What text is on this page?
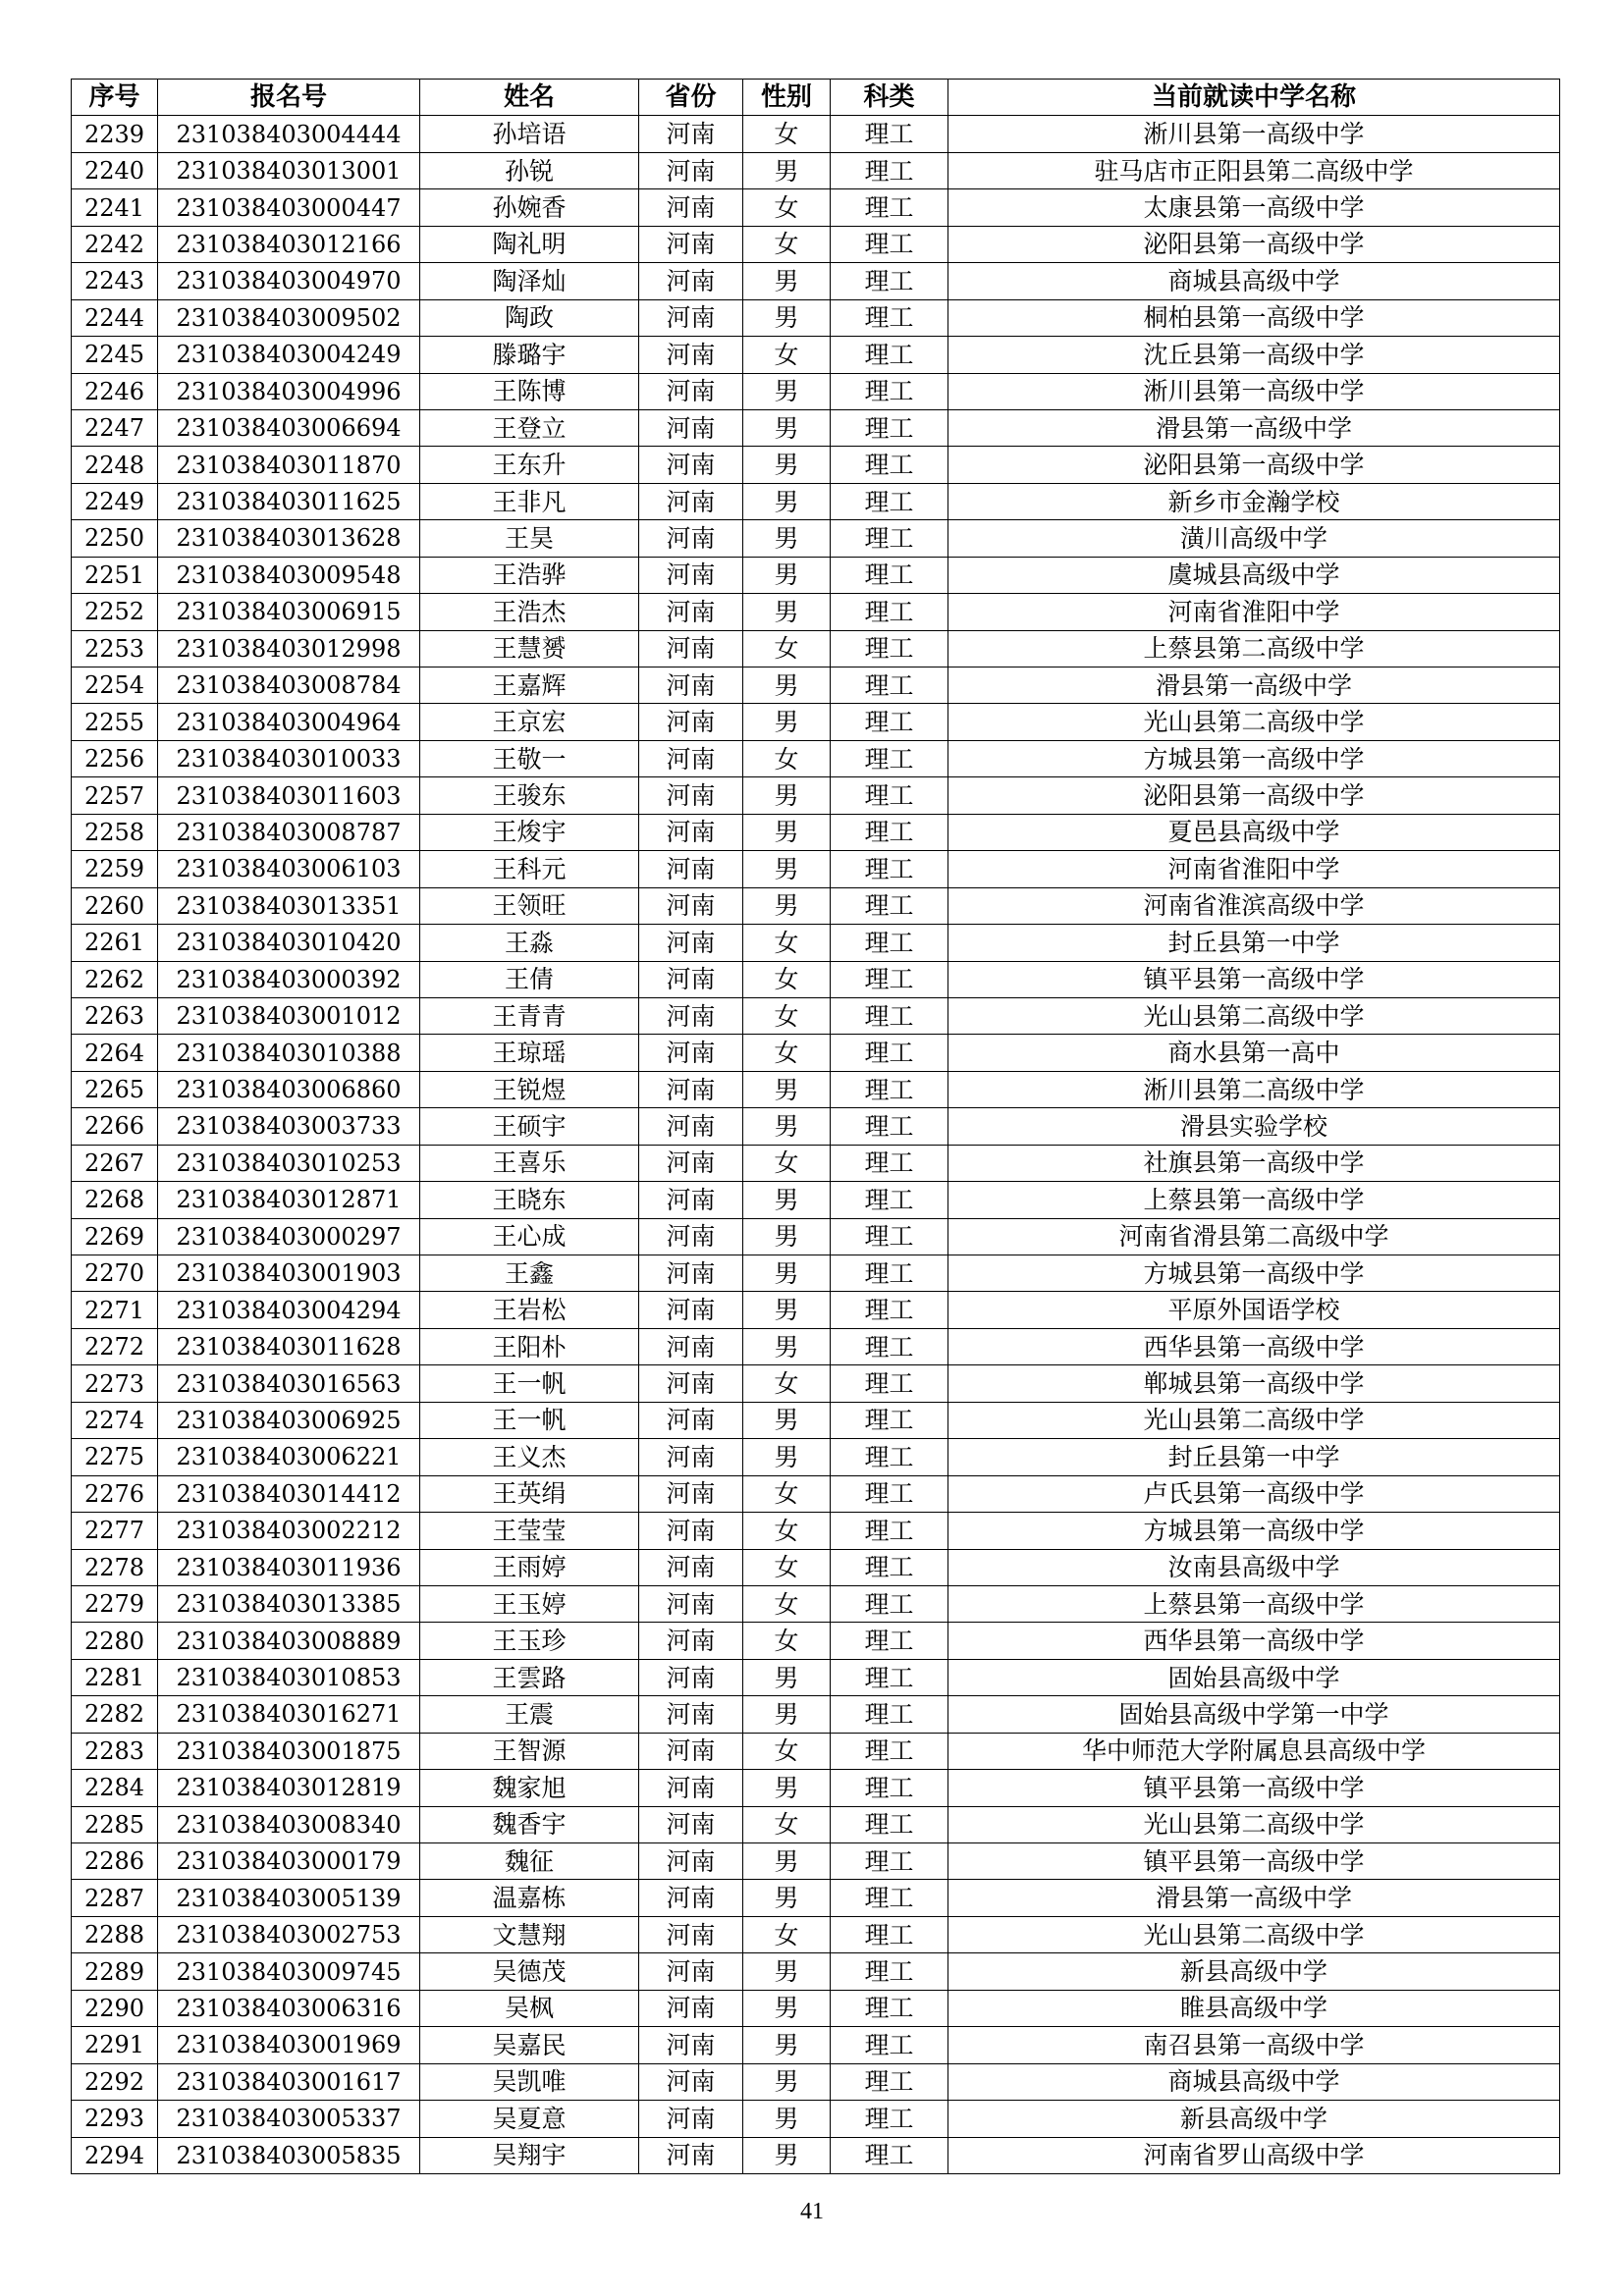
序号	报名号	姓名	省份	性别	科类	当前就读中学名称
2239	231038403004444	孙培语	河南	女	理工	淅川县第一高级中学
2240	231038403013001	孙锐	河南	男	理工	驻马店市正阳县第二高级中学
2241	231038403000447	孙婉香	河南	女	理工	太康县第一高级中学
2242	231038403012166	陶礼明	河南	女	理工	泌阳县第一高级中学
2243	231038403004970	陶泽灿	河南	男	理工	商城县高级中学
2244	231038403009502	陶政	河南	男	理工	桐柏县第一高级中学
2245	231038403004249	滕璐宇	河南	女	理工	沈丘县第一高级中学
2246	231038403004996	王陈博	河南	男	理工	淅川县第一高级中学
2247	231038403006694	王登立	河南	男	理工	滑县第一高级中学
2248	231038403011870	王东升	河南	男	理工	泌阳县第一高级中学
2249	231038403011625	王非凡	河南	男	理工	新乡市金瀚学校
2250	231038403013628	王昊	河南	男	理工	潢川高级中学
2251	231038403009548	王浩骅	河南	男	理工	虞城县高级中学
2252	231038403006915	王浩杰	河南	男	理工	河南省淮阳中学
2253	231038403012998	王慧赟	河南	女	理工	上蔡县第二高级中学
2254	231038403008784	王嘉辉	河南	男	理工	滑县第一高级中学
2255	231038403004964	王京宏	河南	男	理工	光山县第二高级中学
2256	231038403010033	王敬一	河南	女	理工	方城县第一高级中学
2257	231038403011603	王骏东	河南	男	理工	泌阳县第一高级中学
2258	231038403008787	王焌宇	河南	男	理工	夏邑县高级中学
2259	231038403006103	王科元	河南	男	理工	河南省淮阳中学
2260	231038403013351	王领旺	河南	男	理工	河南省淮滨高级中学
2261	231038403010420	王淼	河南	女	理工	封丘县第一中学
2262	231038403000392	王倩	河南	女	理工	镇平县第一高级中学
2263	231038403001012	王青青	河南	女	理工	光山县第二高级中学
2264	231038403010388	王琼瑶	河南	女	理工	商水县第一高中
2265	231038403006860	王锐煜	河南	男	理工	淅川县第二高级中学
2266	231038403003733	王硕宇	河南	男	理工	滑县实验学校
2267	231038403010253	王喜乐	河南	女	理工	社旗县第一高级中学
2268	231038403012871	王晓东	河南	男	理工	上蔡县第一高级中学
2269	231038403000297	王心成	河南	男	理工	河南省滑县第二高级中学
2270	231038403001903	王鑫	河南	男	理工	方城县第一高级中学
2271	231038403004294	王岩松	河南	男	理工	平原外国语学校
2272	231038403011628	王阳朴	河南	男	理工	西华县第一高级中学
2273	231038403016563	王一帆	河南	女	理工	郸城县第一高级中学
2274	231038403006925	王一帆	河南	男	理工	光山县第二高级中学
2275	231038403006221	王义杰	河南	男	理工	封丘县第一中学
2276	231038403014412	王英绢	河南	女	理工	卢氏县第一高级中学
2277	231038403002212	王莹莹	河南	女	理工	方城县第一高级中学
2278	231038403011936	王雨婷	河南	女	理工	汝南县高级中学
2279	231038403013385	王玉婷	河南	女	理工	上蔡县第一高级中学
2280	231038403008889	王玉珍	河南	女	理工	西华县第一高级中学
2281	231038403010853	王雲路	河南	男	理工	固始县高级中学
2282	231038403016271	王震	河南	男	理工	固始县高级中学第一中学
2283	231038403001875	王智源	河南	女	理工	华中师范大学附属息县高级中学
2284	231038403012819	魏家旭	河南	男	理工	镇平县第一高级中学
2285	231038403008340	魏香宇	河南	女	理工	光山县第二高级中学
2286	231038403000179	魏征	河南	男	理工	镇平县第一高级中学
2287	231038403005139	温嘉栋	河南	男	理工	滑县第一高级中学
2288	231038403002753	文慧翔	河南	女	理工	光山县第二高级中学
2289	231038403009745	吴德茂	河南	男	理工	新县高级中学
2290	231038403006316	吴枫	河南	男	理工	睢县高级中学
2291	231038403001969	吴嘉民	河南	男	理工	南召县第一高级中学
2292	231038403001617	吴凯唯	河南	男	理工	商城县高级中学
2293	231038403005337	吴夏意	河南	男	理工	新县高级中学
2294	231038403005835	吴翔宇	河南	男	理工	河南省罗山高级中学
41
